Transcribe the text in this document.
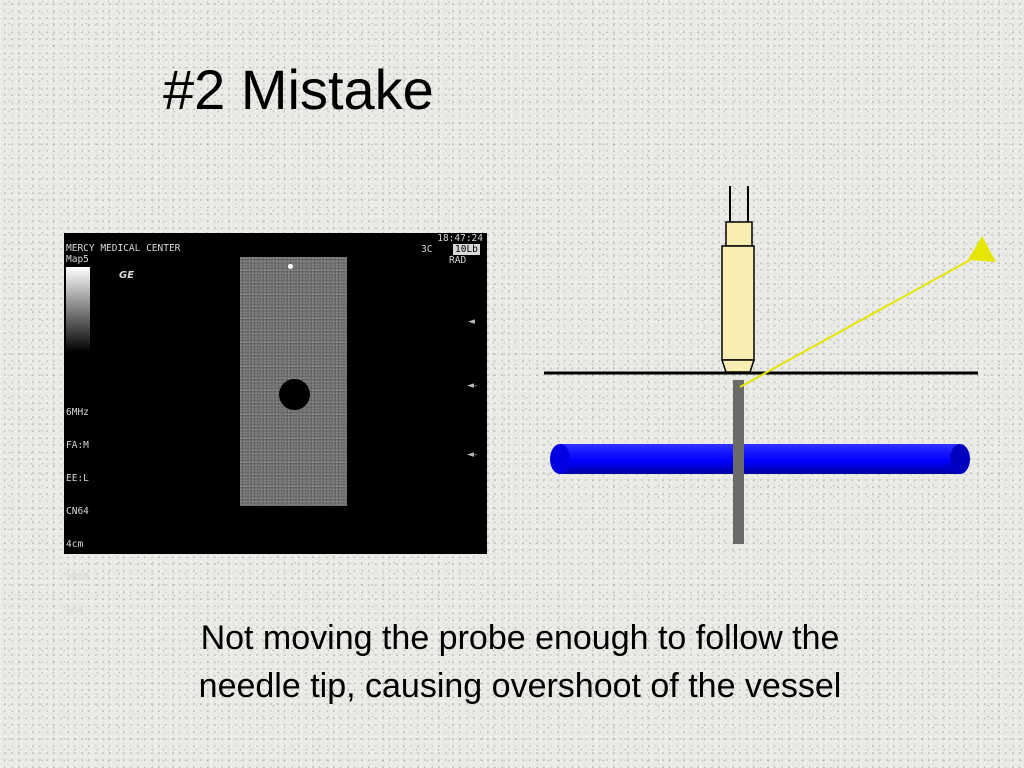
#2 Mistake
MERCY MEDICAL CENTER
Map5
GE
18:47:24
3C 10Lb
RAD

6MHz

FA:M

EE:L

CN64

4cm

DR60

G64

◄
◄-
◄-
Not moving the probe enough to follow the
needle tip, causing overshoot of the vessel
